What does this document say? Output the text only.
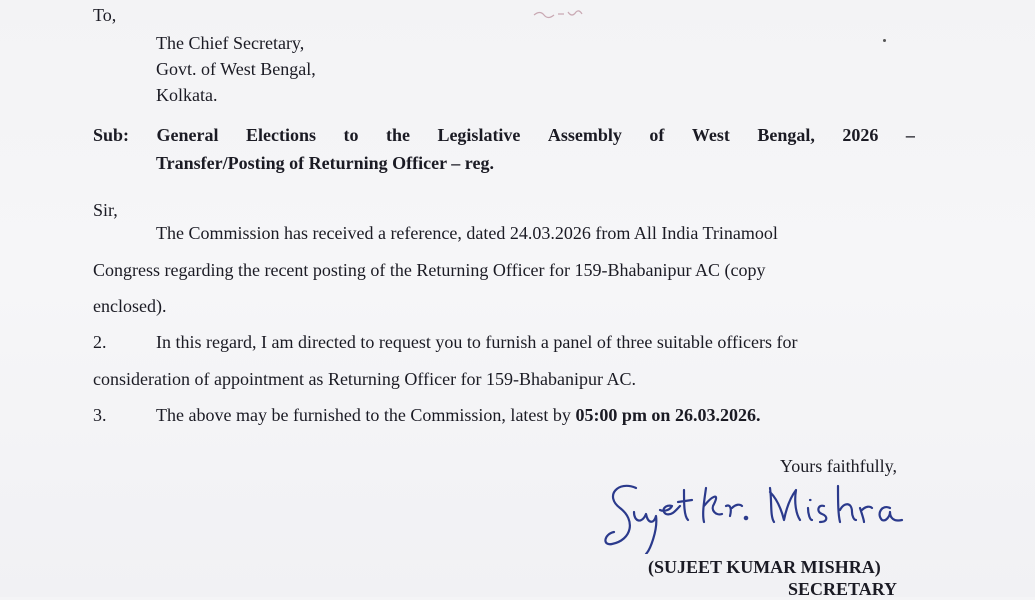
To,
The Chief Secretary,
Govt. of West Bengal,
Kolkata.
Sub: General Elections to the Legislative Assembly of West Bengal, 2026 –
Transfer/Posting of Returning Officer – reg.
Sir,
The Commission has received a reference, dated 24.03.2026 from All India Trinamool
Congress regarding the recent posting of the Returning Officer for 159-Bhabanipur AC (copy
enclosed).
2.	In this regard, I am directed to request you to furnish a panel of three suitable officers for
consideration of appointment as Returning Officer for 159-Bhabanipur AC.
3.	The above may be furnished to the Commission, latest by 05:00 pm on 26.03.2026.
Yours faithfully,
(SUJEET KUMAR MISHRA)
SECRETARY
